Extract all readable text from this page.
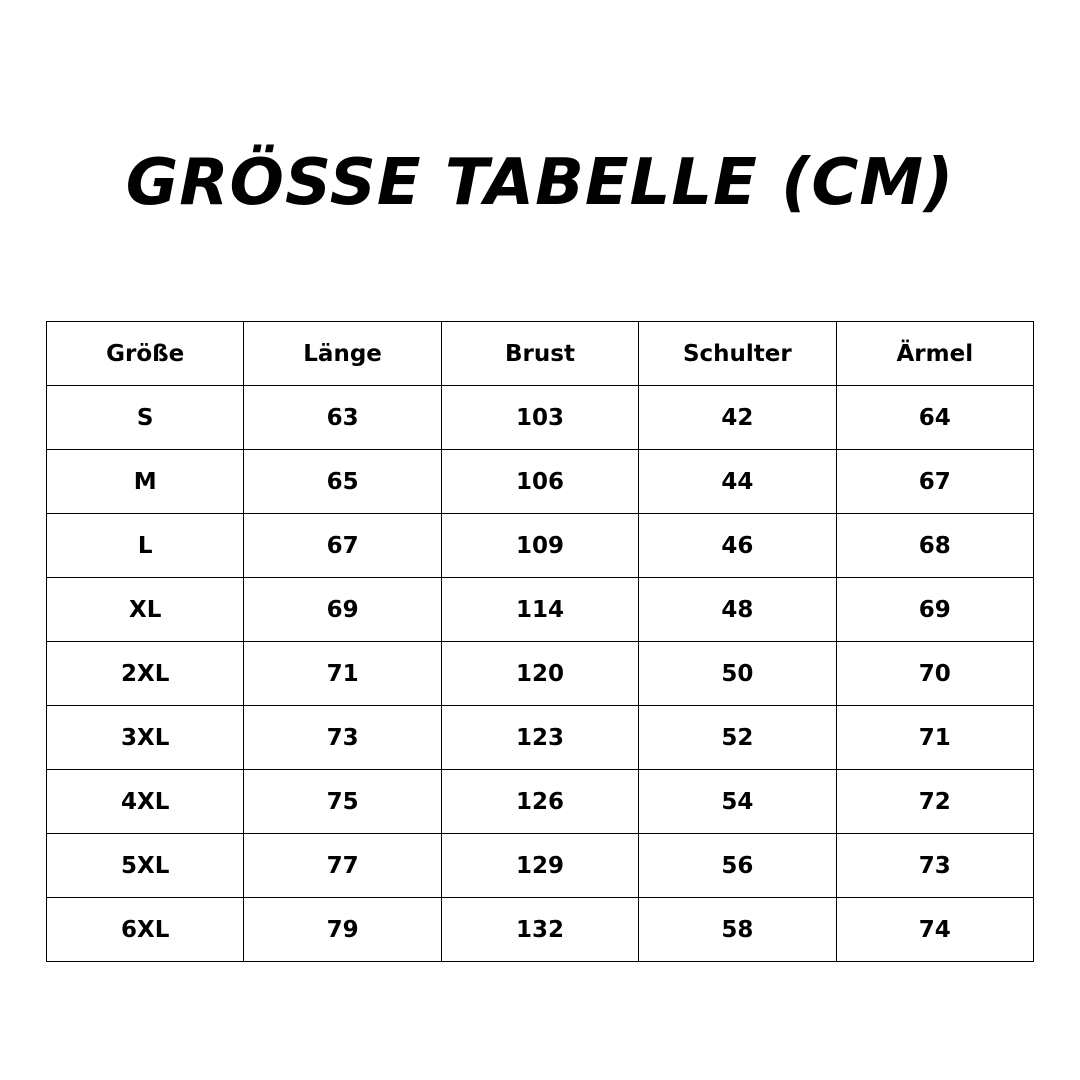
GRÖSSE TABELLE (CM)
Größe	Länge	Brust	Schulter	Ärmel
S	63	103	42	64
M	65	106	44	67
L	67	109	46	68
XL	69	114	48	69
2XL	71	120	50	70
3XL	73	123	52	71
4XL	75	126	54	72
5XL	77	129	56	73
6XL	79	132	58	74
